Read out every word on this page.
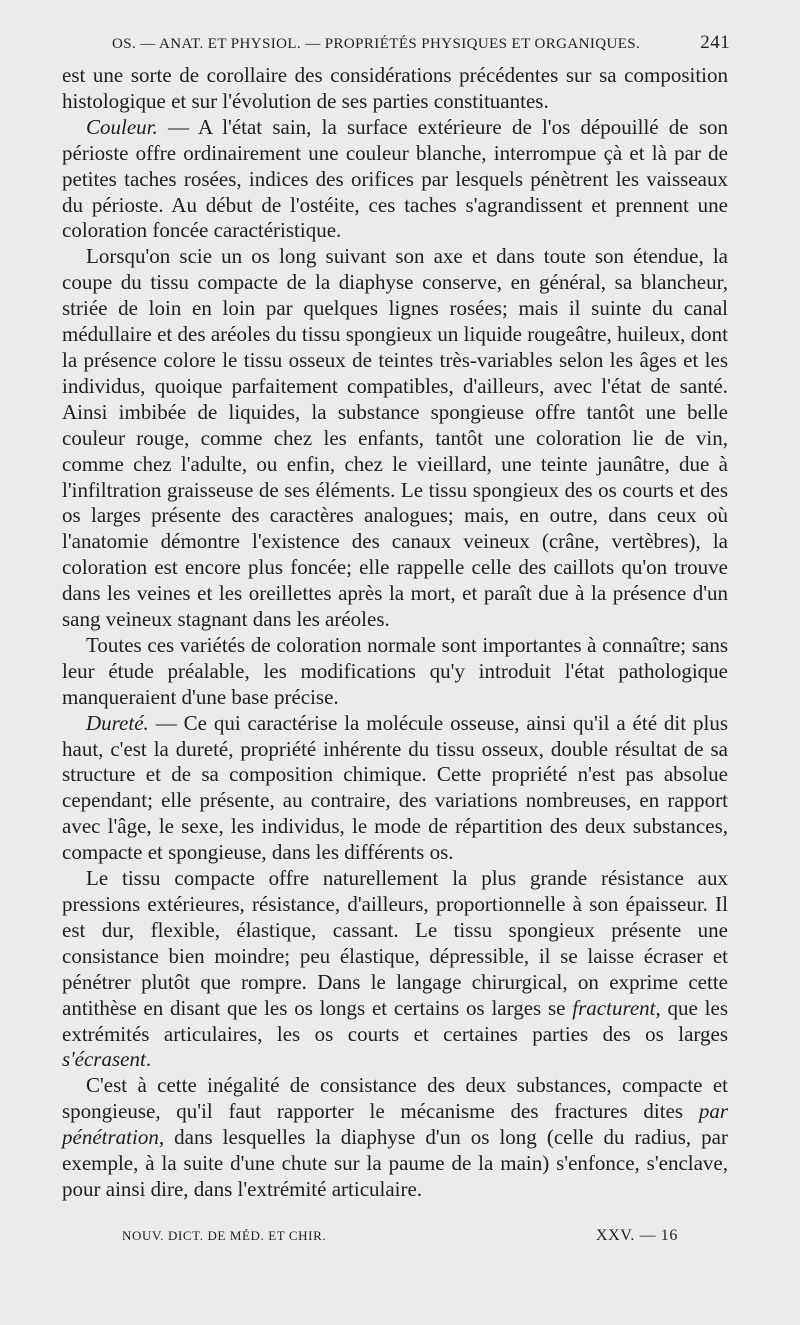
OS. — ANAT. ET PHYSIOL. — PROPRIÉTÉS PHYSIQUES ET ORGANIQUES.	241

est une sorte de corollaire des considérations précédentes sur sa composition histologique et sur l'évolution de ses parties constituantes.

Couleur. — A l'état sain, la surface extérieure de l'os dépouillé de son périoste offre ordinairement une couleur blanche, interrompue çà et là par de petites taches rosées, indices des orifices par lesquels pénètrent les vaisseaux du périoste. Au début de l'ostéite, ces taches s'agrandissent et prennent une coloration foncée caractéristique.

Lorsqu'on scie un os long suivant son axe et dans toute son étendue, la coupe du tissu compacte de la diaphyse conserve, en général, sa blancheur, striée de loin en loin par quelques lignes rosées; mais il suinte du canal médullaire et des aréoles du tissu spongieux un liquide rougeâtre, huileux, dont la présence colore le tissu osseux de teintes très-variables selon les âges et les individus, quoique parfaitement compatibles, d'ailleurs, avec l'état de santé. Ainsi imbibée de liquides, la substance spongieuse offre tantôt une belle couleur rouge, comme chez les enfants, tantôt une coloration lie de vin, comme chez l'adulte, ou enfin, chez le vieillard, une teinte jaunâtre, due à l'infiltration graisseuse de ses éléments. Le tissu spongieux des os courts et des os larges présente des caractères analogues; mais, en outre, dans ceux où l'anatomie démontre l'existence des canaux veineux (crâne, vertèbres), la coloration est encore plus foncée; elle rappelle celle des caillots qu'on trouve dans les veines et les oreillettes après la mort, et paraît due à la présence d'un sang veineux stagnant dans les aréoles.

Toutes ces variétés de coloration normale sont importantes à connaître; sans leur étude préalable, les modifications qu'y introduit l'état pathologique manqueraient d'une base précise.

Dureté. — Ce qui caractérise la molécule osseuse, ainsi qu'il a été dit plus haut, c'est la dureté, propriété inhérente du tissu osseux, double résultat de sa structure et de sa composition chimique. Cette propriété n'est pas absolue cependant; elle présente, au contraire, des variations nombreuses, en rapport avec l'âge, le sexe, les individus, le mode de répartition des deux substances, compacte et spongieuse, dans les différents os.

Le tissu compacte offre naturellement la plus grande résistance aux pressions extérieures, résistance, d'ailleurs, proportionnelle à son épaisseur. Il est dur, flexible, élastique, cassant. Le tissu spongieux présente une consistance bien moindre; peu élastique, dépressible, il se laisse écraser et pénétrer plutôt que rompre. Dans le langage chirurgical, on exprime cette antithèse en disant que les os longs et certains os larges se fracturent, que les extrémités articulaires, les os courts et certaines parties des os larges s'écrasent.

C'est à cette inégalité de consistance des deux substances, compacte et spongieuse, qu'il faut rapporter le mécanisme des fractures dites par pénétration, dans lesquelles la diaphyse d'un os long (celle du radius, par exemple, à la suite d'une chute sur la paume de la main) s'enfonce, s'enclave, pour ainsi dire, dans l'extrémité articulaire.

NOUV. DICT. DE MÉD. ET CHIR.	XXV. — 16
